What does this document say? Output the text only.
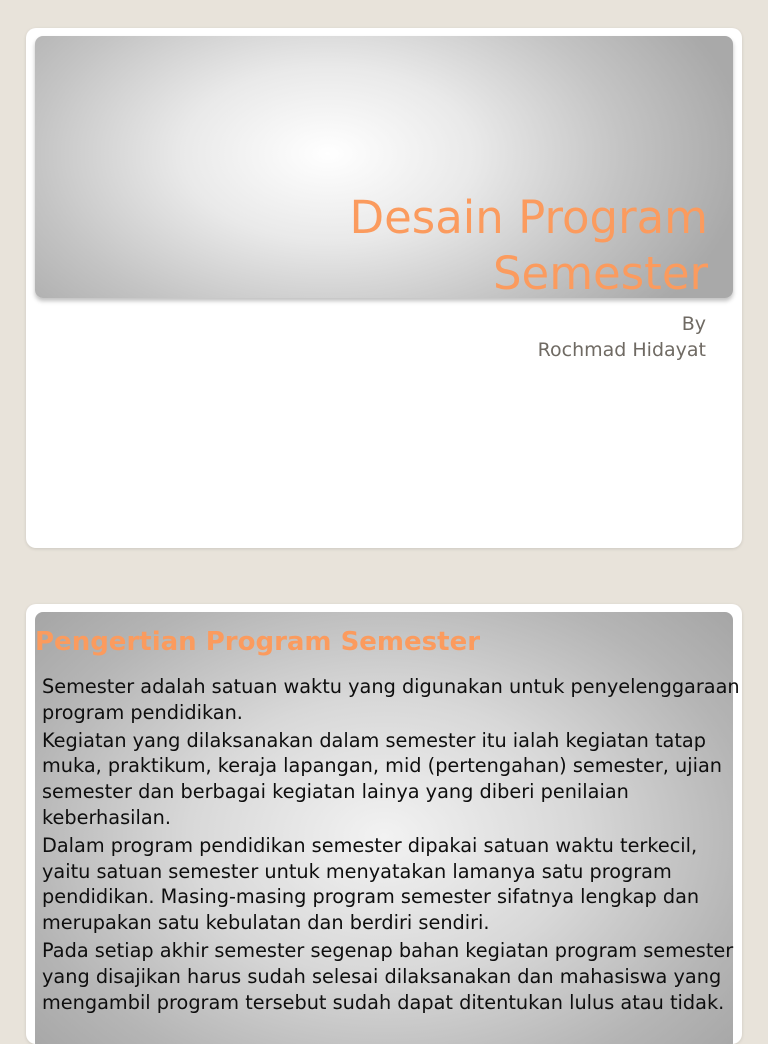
Desain Program Semester
By
Rochmad Hidayat
Pengertian Program Semester

Semester adalah satuan waktu yang digunakan untuk penyelenggaraan program pendidikan.

Kegiatan yang dilaksanakan dalam semester itu ialah kegiatan tatap muka, praktikum, keraja lapangan, mid (pertengahan) semester, ujian semester dan berbagai kegiatan lainya yang diberi penilaian keberhasilan.

Dalam program pendidikan semester dipakai satuan waktu terkecil, yaitu satuan semester untuk menyatakan lamanya satu program pendidikan. Masing-masing program semester sifatnya lengkap dan merupakan satu kebulatan dan berdiri sendiri.

Pada setiap akhir semester segenap bahan kegiatan program semester yang disajikan harus sudah selesai dilaksanakan dan mahasiswa yang mengambil program tersebut sudah dapat ditentukan lulus atau tidak.
